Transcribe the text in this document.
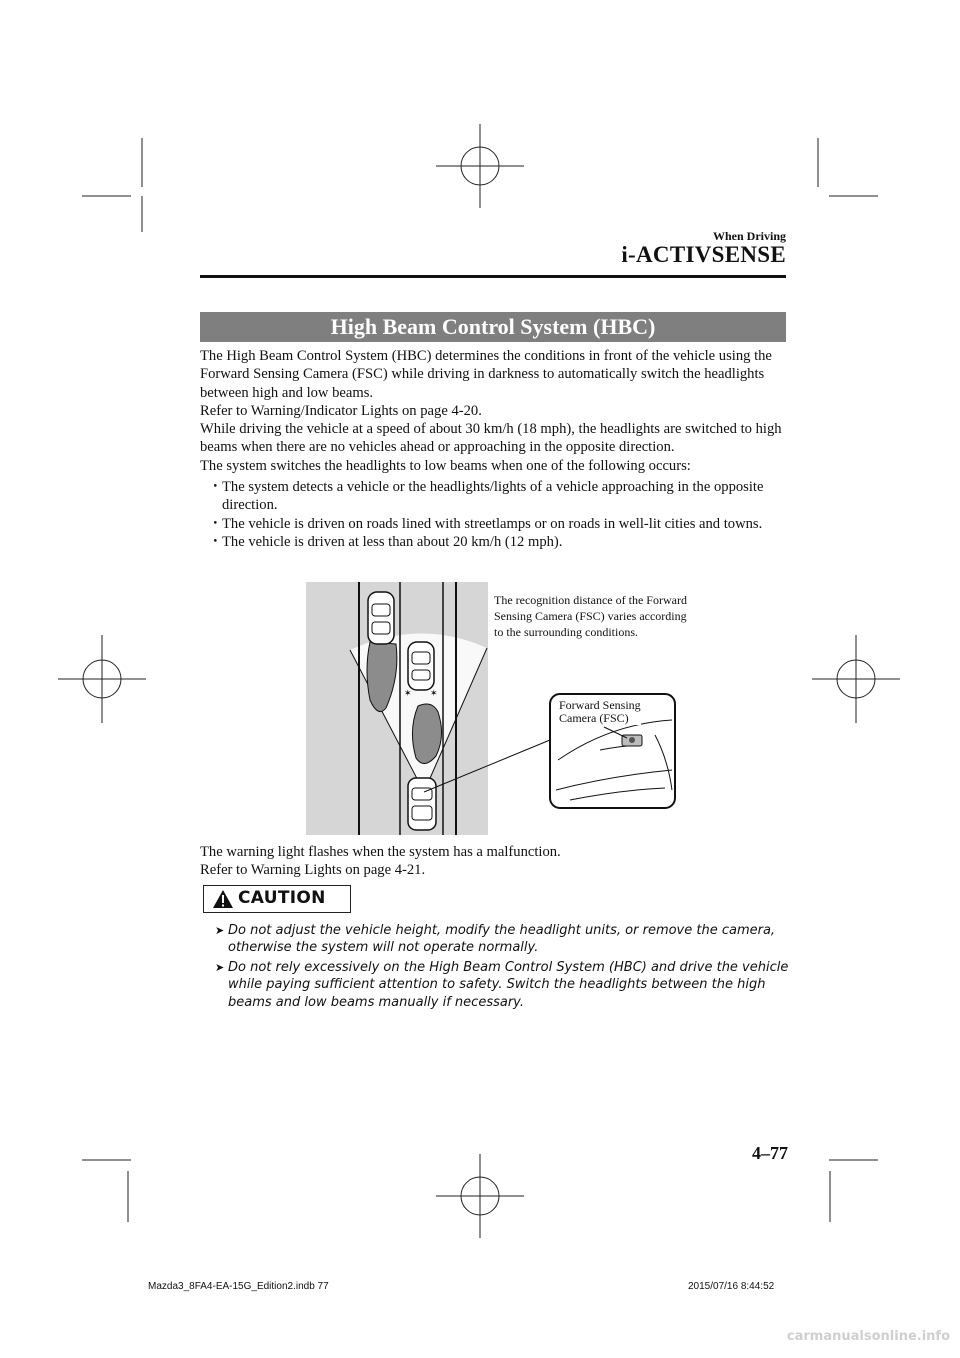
When Driving
i-ACTIVSENSE
High Beam Control System (HBC)

The High Beam Control System (HBC) determines the conditions in front of the vehicle using the Forward Sensing Camera (FSC) while driving in darkness to automatically switch the headlights between high and low beams.

Refer to Warning/Indicator Lights on page 4-20.

While driving the vehicle at a speed of about 30 km/h (18 mph), the headlights are switched to high beams when there are no vehicles ahead or approaching in the opposite direction.

The system switches the headlights to low beams when one of the following occurs:

・ The system detects a vehicle or the headlights/lights of a vehicle approaching in the opposite direction.
・ The vehicle is driven on roads lined with streetlamps or on roads in well-lit cities and towns.
・ The vehicle is driven at less than about 20 km/h (12 mph).
✶ ✶
The recognition distance of the Forward Sensing Camera (FSC) varies according to the surrounding conditions.
Forward Sensing
Camera (FSC)

The warning light flashes when the system has a malfunction.

Refer to Warning Lights on page 4-21.

CAUTION
➤ Do not adjust the vehicle height, modify the headlight units, or remove the camera, otherwise the system will not operate normally.
➤ Do not rely excessively on the High Beam Control System (HBC) and drive the vehicle while paying sufficient attention to safety. Switch the headlights between the high beams and low beams manually if necessary.
4–77
Mazda3_8FA4-EA-15G_Edition2.indb 77	2015/07/16 8:44:52
carmanualsonline.info
